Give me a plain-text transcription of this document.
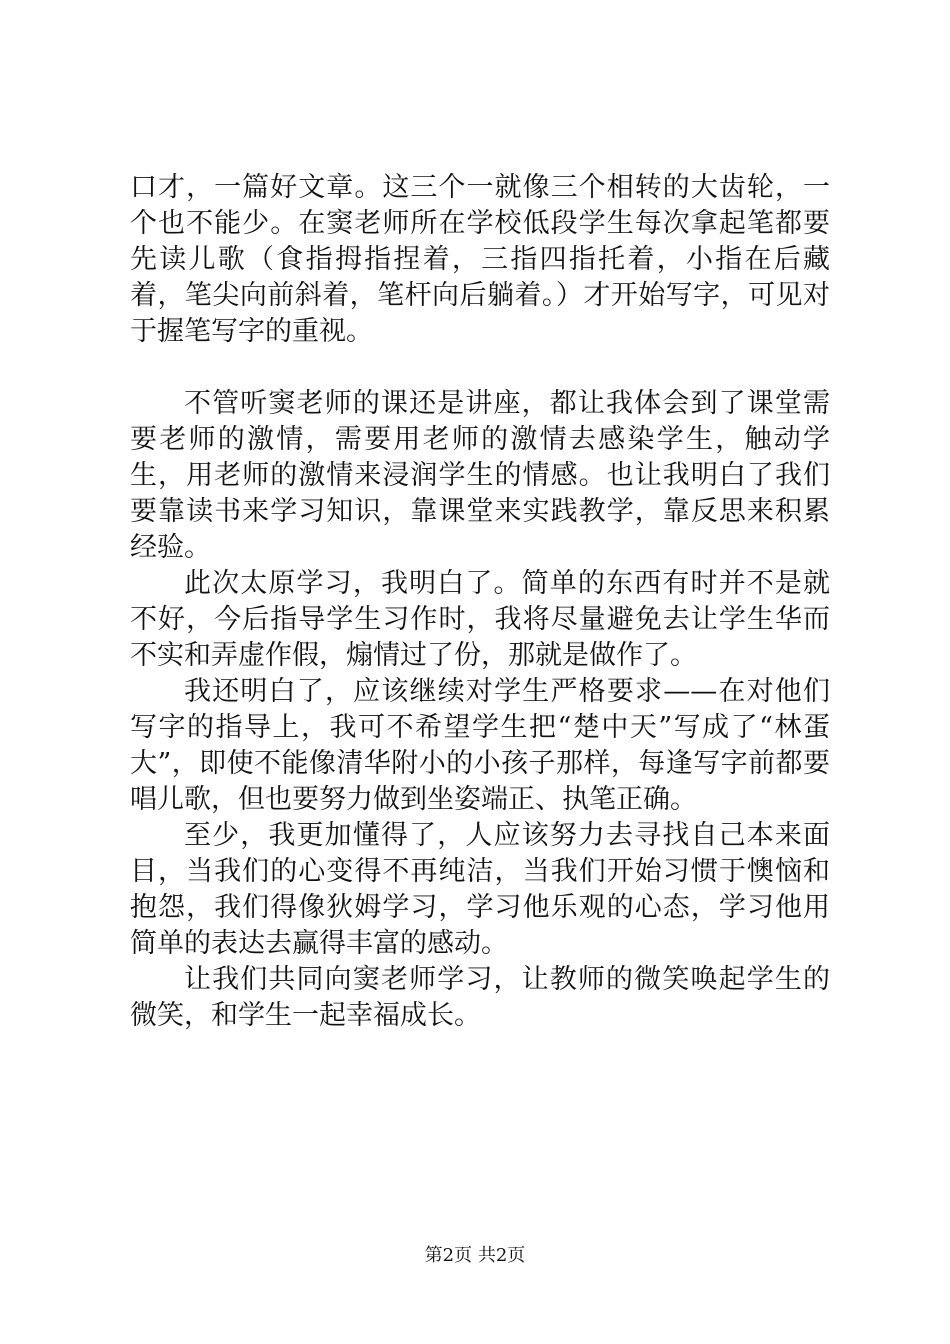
口才，一篇好文章。这三个一就像三个相转的大齿轮，一个也不能少。在窦老师所在学校低段学生每次拿起笔都要先读儿歌（食指拇指捏着，三指四指托着，小指在后藏着，笔尖向前斜着，笔杆向后躺着。）才开始写字，可见对于握笔写字的重视。

不管听窦老师的课还是讲座，都让我体会到了课堂需要老师的激情，需要用老师的激情去感染学生，触动学生，用老师的激情来浸润学生的情感。也让我明白了我们要靠读书来学习知识，靠课堂来实践教学，靠反思来积累经验。

此次太原学习，我明白了。简单的东西有时并不是就不好，今后指导学生习作时，我将尽量避免去让学生华而不实和弄虚作假，煽情过了份，那就是做作了。

我还明白了，应该继续对学生严格要求——在对他们写字的指导上，我可不希望学生把“楚中天”写成了“林蛋大”，即使不能像清华附小的小孩子那样，每逢写字前都要唱儿歌，但也要努力做到坐姿端正、执笔正确。

至少，我更加懂得了，人应该努力去寻找自己本来面目，当我们的心变得不再纯洁，当我们开始习惯于懊恼和抱怨，我们得像狄姆学习，学习他乐观的心态，学习他用简单的表达去赢得丰富的感动。

让我们共同向窦老师学习，让教师的微笑唤起学生的微笑，和学生一起幸福成长。

第2页 共2页
